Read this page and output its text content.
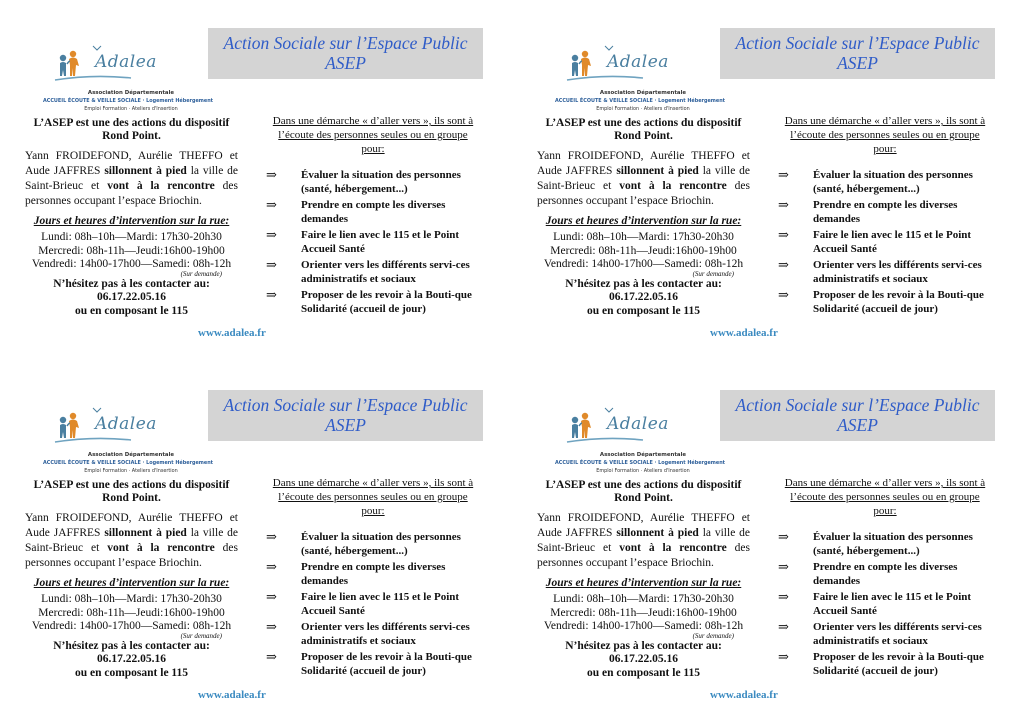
Adalea
Association Départementale
ACCUEIL ÉCOUTE & VEILLE SOCIALE · Logement Hébergement
Emploi Formation · Ateliers d'Insertion
Action Sociale sur l’Espace Public
ASEP
L’ASEP est une des actions du dispositif Rond Point.
Yann FROIDEFOND, Aurélie THEFFO et Aude JAFFRES sillonnent à pied la ville de Saint-Brieuc et vont à la rencontre des personnes occupant l’espace Briochin.
Jours et heures d’intervention sur la rue:
Lundi: 08h–10h—Mardi: 17h30-20h30
Mercredi: 08h-11h—Jeudi:16h00-19h00
Vendredi: 14h00-17h00—Samedi: 08h-12h
(Sur demande)
N’hésitez pas à les contacter au:
06.17.22.05.16
ou en composant le 115
www.adalea.fr
Dans une démarche « d’aller vers », ils sont à l’écoute des personnes seules ou en groupe pour:
⇒ Évaluer la situation des personnes (santé, hébergement...)
⇒ Prendre en compte les diverses demandes
⇒ Faire le lien avec le 115 et le Point Accueil Santé
⇒ Orienter vers les différents servi-ces administratifs et sociaux
⇒ Proposer de les revoir à la Bouti-que Solidarité (accueil de jour)
Adalea
Association Départementale
ACCUEIL ÉCOUTE & VEILLE SOCIALE · Logement Hébergement
Emploi Formation · Ateliers d'Insertion
Action Sociale sur l’Espace Public
ASEP
L’ASEP est une des actions du dispositif Rond Point.
Yann FROIDEFOND, Aurélie THEFFO et Aude JAFFRES sillonnent à pied la ville de Saint-Brieuc et vont à la rencontre des personnes occupant l’espace Briochin.
Jours et heures d’intervention sur la rue:
Lundi: 08h–10h—Mardi: 17h30-20h30
Mercredi: 08h-11h—Jeudi:16h00-19h00
Vendredi: 14h00-17h00—Samedi: 08h-12h
(Sur demande)
N’hésitez pas à les contacter au:
06.17.22.05.16
ou en composant le 115
www.adalea.fr
Dans une démarche « d’aller vers », ils sont à l’écoute des personnes seules ou en groupe pour:
⇒ Évaluer la situation des personnes (santé, hébergement...)
⇒ Prendre en compte les diverses demandes
⇒ Faire le lien avec le 115 et le Point Accueil Santé
⇒ Orienter vers les différents servi-ces administratifs et sociaux
⇒ Proposer de les revoir à la Bouti-que Solidarité (accueil de jour)
Adalea
Association Départementale
ACCUEIL ÉCOUTE & VEILLE SOCIALE · Logement Hébergement
Emploi Formation · Ateliers d'Insertion
Action Sociale sur l’Espace Public
ASEP
L’ASEP est une des actions du dispositif Rond Point.
Yann FROIDEFOND, Aurélie THEFFO et Aude JAFFRES sillonnent à pied la ville de Saint-Brieuc et vont à la rencontre des personnes occupant l’espace Briochin.
Jours et heures d’intervention sur la rue:
Lundi: 08h–10h—Mardi: 17h30-20h30
Mercredi: 08h-11h—Jeudi:16h00-19h00
Vendredi: 14h00-17h00—Samedi: 08h-12h
(Sur demande)
N’hésitez pas à les contacter au:
06.17.22.05.16
ou en composant le 115
www.adalea.fr
Dans une démarche « d’aller vers », ils sont à l’écoute des personnes seules ou en groupe pour:
⇒ Évaluer la situation des personnes (santé, hébergement...)
⇒ Prendre en compte les diverses demandes
⇒ Faire le lien avec le 115 et le Point Accueil Santé
⇒ Orienter vers les différents servi-ces administratifs et sociaux
⇒ Proposer de les revoir à la Bouti-que Solidarité (accueil de jour)
Adalea
Association Départementale
ACCUEIL ÉCOUTE & VEILLE SOCIALE · Logement Hébergement
Emploi Formation · Ateliers d'Insertion
Action Sociale sur l’Espace Public
ASEP
L’ASEP est une des actions du dispositif Rond Point.
Yann FROIDEFOND, Aurélie THEFFO et Aude JAFFRES sillonnent à pied la ville de Saint-Brieuc et vont à la rencontre des personnes occupant l’espace Briochin.
Jours et heures d’intervention sur la rue:
Lundi: 08h–10h—Mardi: 17h30-20h30
Mercredi: 08h-11h—Jeudi:16h00-19h00
Vendredi: 14h00-17h00—Samedi: 08h-12h
(Sur demande)
N’hésitez pas à les contacter au:
06.17.22.05.16
ou en composant le 115
www.adalea.fr
Dans une démarche « d’aller vers », ils sont à l’écoute des personnes seules ou en groupe pour:
⇒ Évaluer la situation des personnes (santé, hébergement...)
⇒ Prendre en compte les diverses demandes
⇒ Faire le lien avec le 115 et le Point Accueil Santé
⇒ Orienter vers les différents servi-ces administratifs et sociaux
⇒ Proposer de les revoir à la Bouti-que Solidarité (accueil de jour)
